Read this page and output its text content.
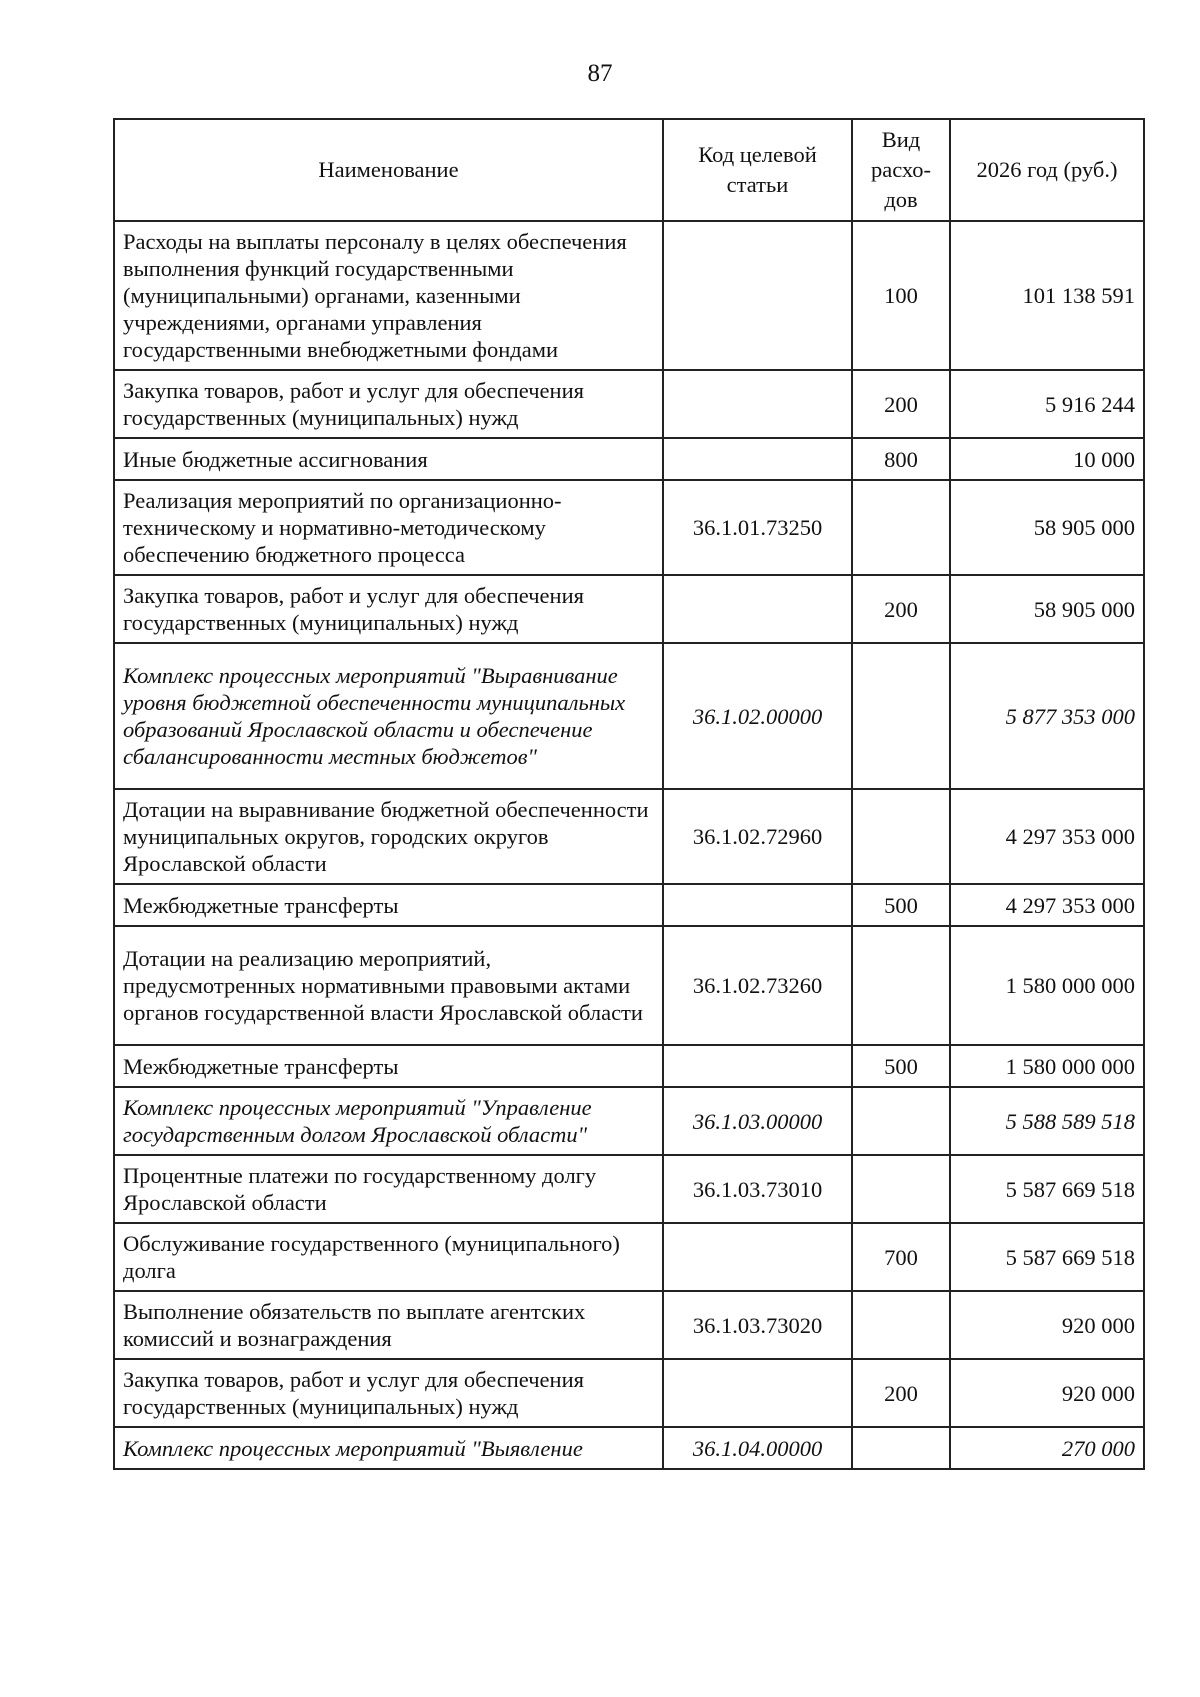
87
Наименование	Код целевой статьи	Вид расхо-дов	2026 год (руб.)
Расходы на выплаты персоналу в целях обеспечения выполнения функций государственными (муниципальными) органами, казенными учреждениями, органами управления государственными внебюджетными фондами		100	101 138 591
Закупка товаров, работ и услуг для обеспечения государственных (муниципальных) нужд		200	5 916 244
Иные бюджетные ассигнования		800	10 000
Реализация мероприятий по организационно-техническому и нормативно-методическому обеспечению бюджетного процесса	36.1.01.73250		58 905 000
Закупка товаров, работ и услуг для обеспечения государственных (муниципальных) нужд		200	58 905 000
Комплекс процессных мероприятий "Выравнивание уровня бюджетной обеспеченности муниципальных образований Ярославской области и обеспечение сбалансированности местных бюджетов"	36.1.02.00000		5 877 353 000
Дотации на выравнивание бюджетной обеспеченности муниципальных округов, городских округов Ярославской области	36.1.02.72960		4 297 353 000
Межбюджетные трансферты		500	4 297 353 000
Дотации на реализацию мероприятий, предусмотренных нормативными правовыми актами органов государственной власти Ярославской области	36.1.02.73260		1 580 000 000
Межбюджетные трансферты		500	1 580 000 000
Комплекс процессных мероприятий "Управление государственным долгом Ярославской области"	36.1.03.00000		5 588 589 518
Процентные платежи по государственному долгу Ярославской области	36.1.03.73010		5 587 669 518
Обслуживание государственного (муниципального) долга		700	5 587 669 518
Выполнение обязательств по выплате агентских комиссий и вознаграждения	36.1.03.73020		920 000
Закупка товаров, работ и услуг для обеспечения государственных (муниципальных) нужд		200	920 000
Комплекс процессных мероприятий "Выявление	36.1.04.00000		270 000
